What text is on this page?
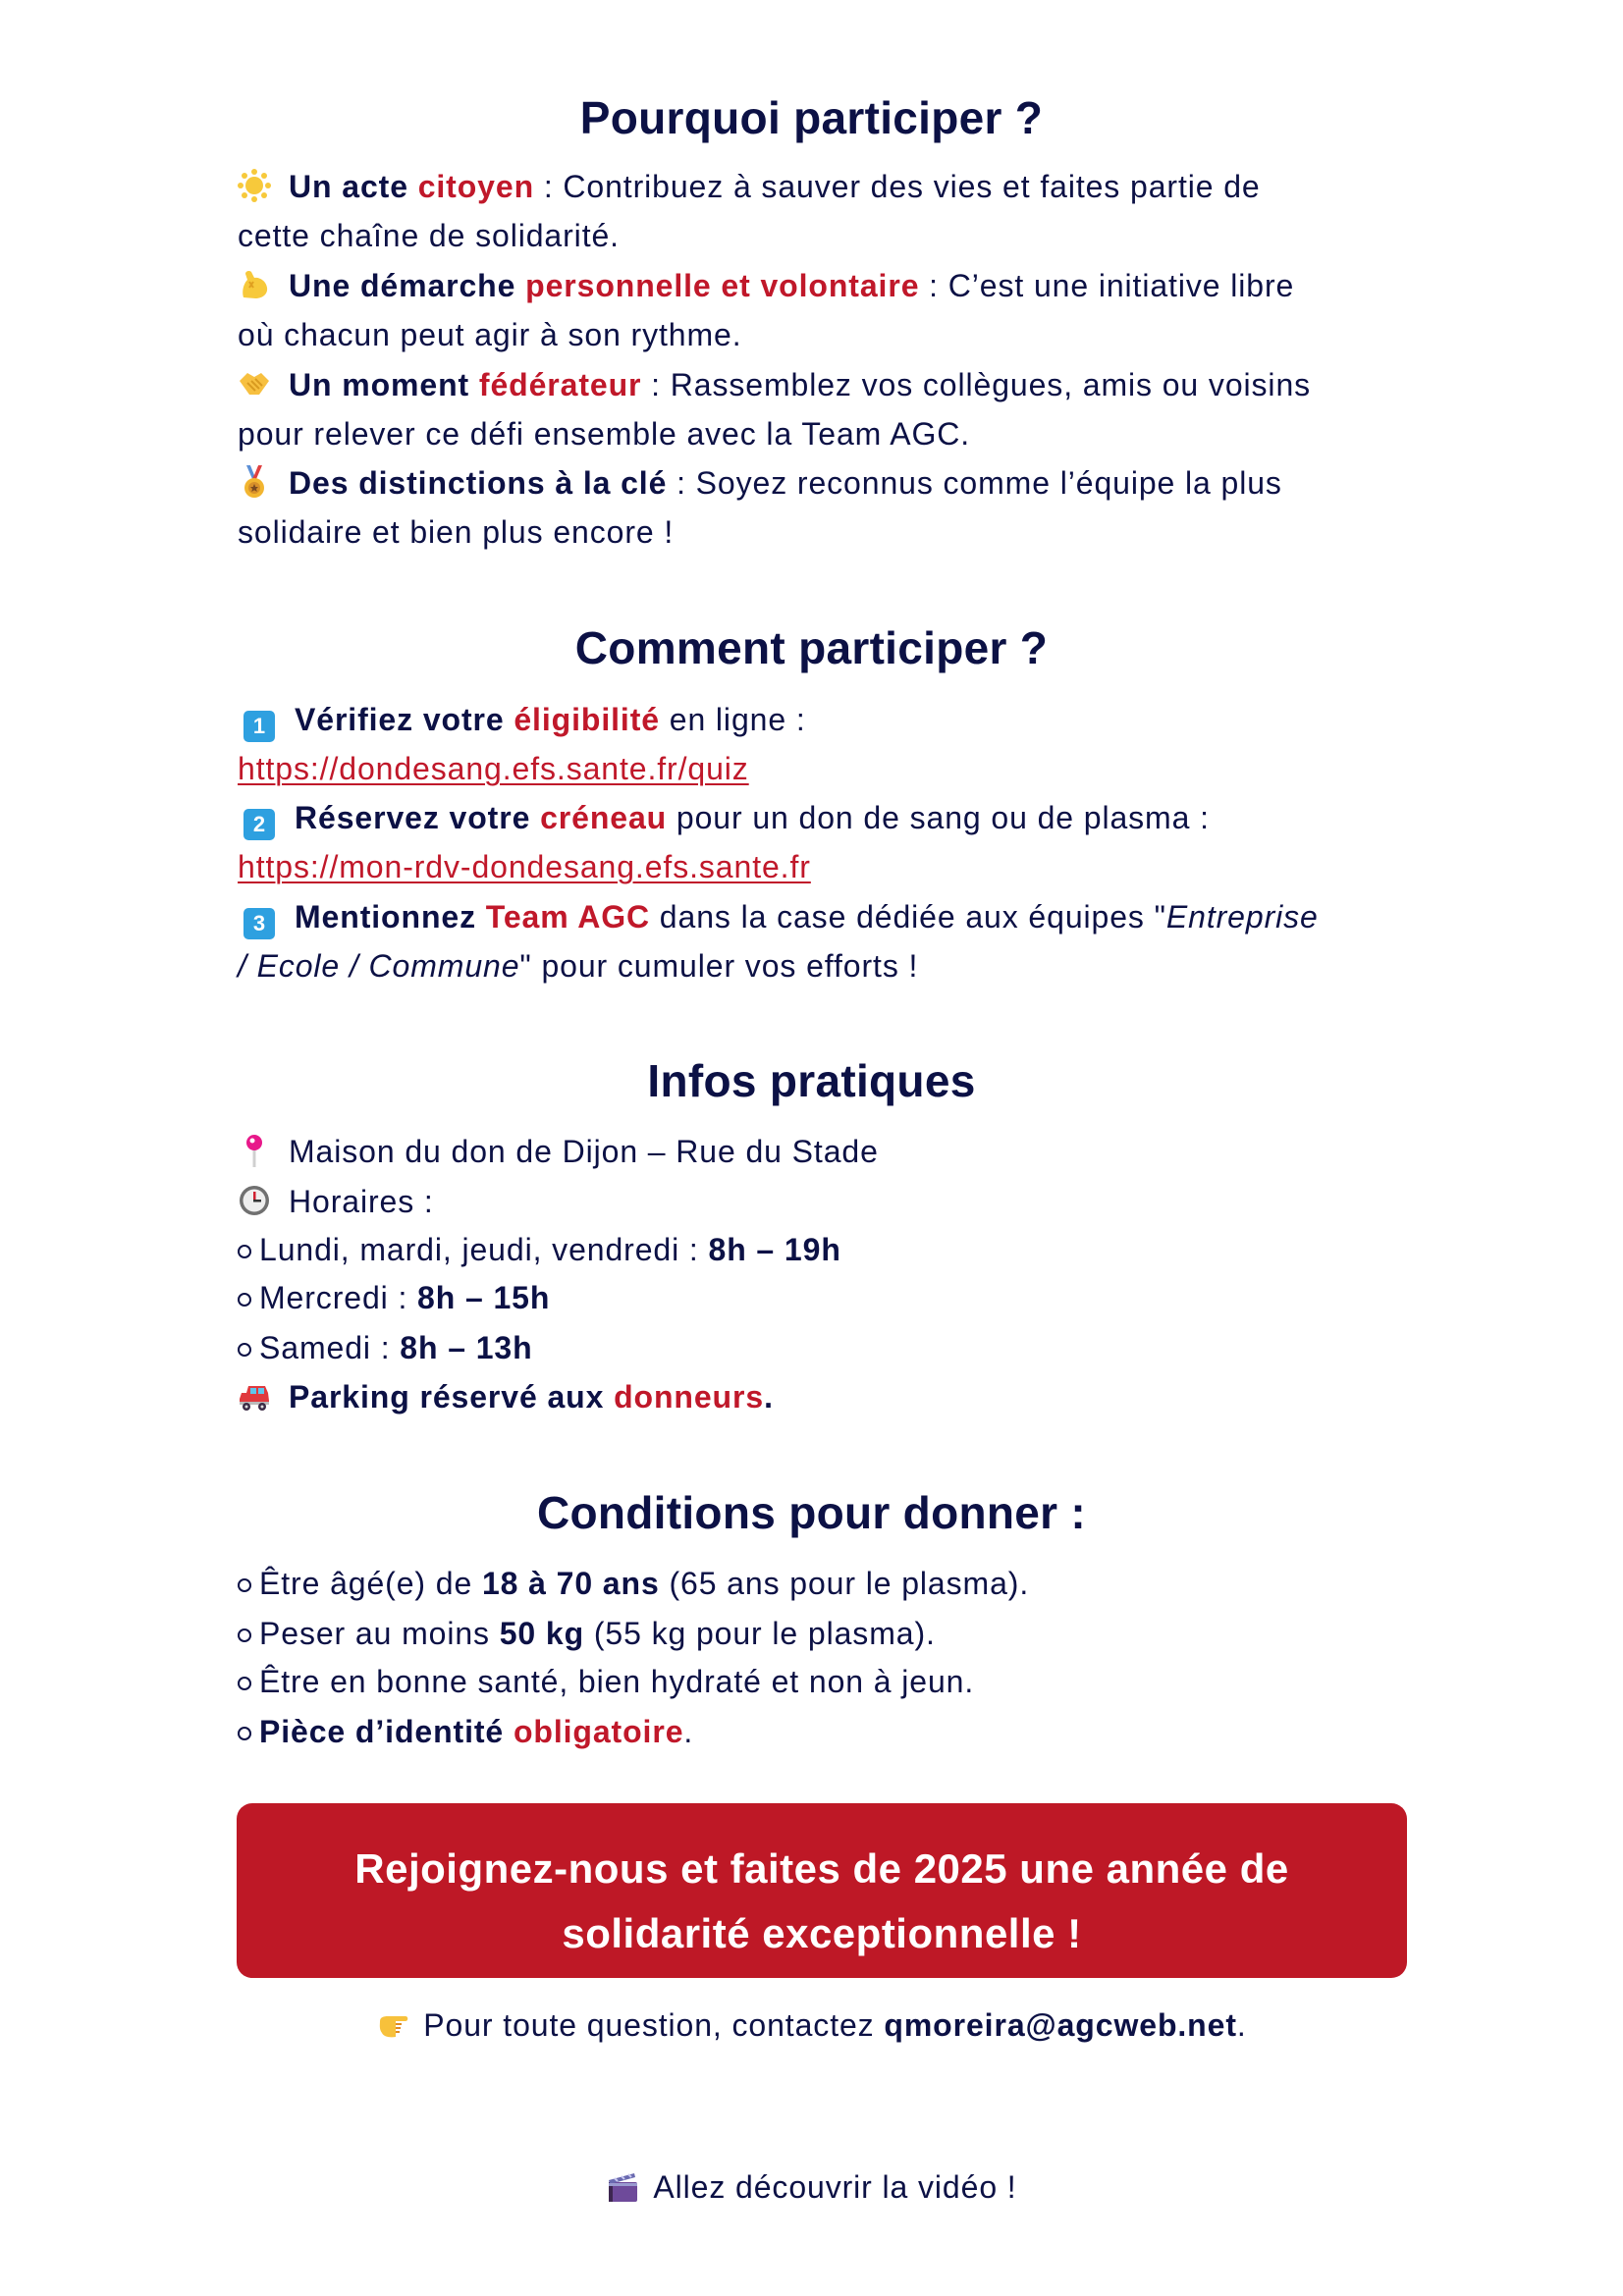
Pourquoi participer ?
Un acte citoyen : Contribuez à sauver des vies et faites partie de
cette chaîne de solidarité.
Une démarche personnelle et volontaire : C’est une initiative libre
où chacun peut agir à son rythme.
Un moment fédérateur : Rassemblez vos collègues, amis ou voisins
pour relever ce défi ensemble avec la Team AGC.
Des distinctions à la clé : Soyez reconnus comme l’équipe la plus
solidaire et bien plus encore !
Comment participer ?
1 Vérifiez votre éligibilité en ligne :
https://dondesang.efs.sante.fr/quiz
2 Réservez votre créneau pour un don de sang ou de plasma :
https://mon-rdv-dondesang.efs.sante.fr
3 Mentionnez Team AGC dans la case dédiée aux équipes "Entreprise
/ Ecole / Commune" pour cumuler vos efforts !
Infos pratiques
Maison du don de Dijon – Rue du Stade
Horaires :
Lundi, mardi, jeudi, vendredi : 8h – 19h
Mercredi : 8h – 15h
Samedi : 8h – 13h
Parking réservé aux donneurs.
Conditions pour donner :
Être âgé(e) de 18 à 70 ans (65 ans pour le plasma).
Peser au moins 50 kg (55 kg pour le plasma).
Être en bonne santé, bien hydraté et non à jeun.
Pièce d’identité obligatoire.
Rejoignez-nous et faites de 2025 une année de
solidarité exceptionnelle !
Pour toute question, contactez qmoreira@agcweb.net.
Allez découvrir la vidéo !
